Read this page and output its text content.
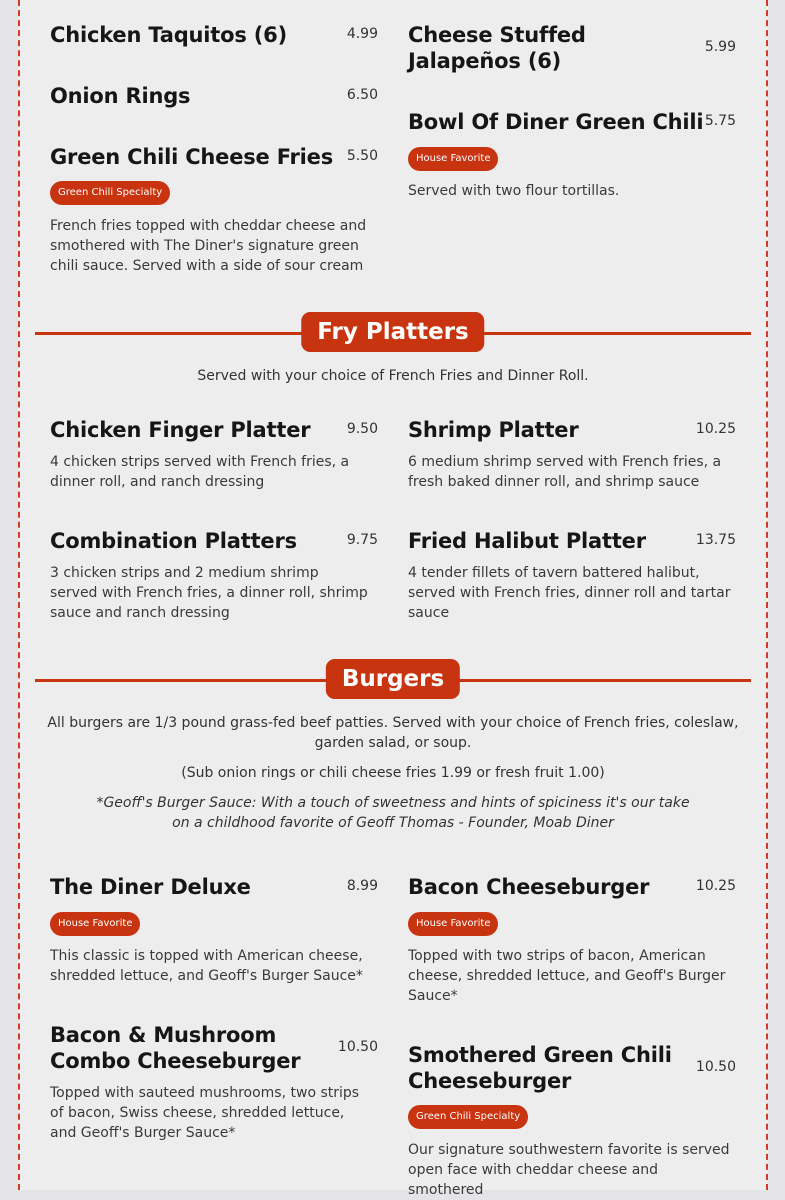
Chicken Taquitos (6)	4.99
Onion Rings	6.50
Green Chili Cheese Fries 5.50
Green Chili Specialty
French fries topped with cheddar cheese and smothered with The Diner's signature green chili sauce. Served with a side of sour cream
Cheese Stuffed Jalapeños (6)
5.99
Bowl Of Diner Green Chili 5.75
House Favorite
Served with two flour tortillas.
Fry Platters
Served with your choice of French Fries and Dinner Roll.
Chicken Finger Platter	9.50
4 chicken strips served with French fries, a dinner roll, and ranch dressing
Shrimp Platter	10.25
6 medium shrimp served with French fries, a fresh baked dinner roll, and shrimp sauce
Combination Platters	9.75
3 chicken strips and 2 medium shrimp served with French fries, a dinner roll, shrimp sauce and ranch dressing
Fried Halibut Platter	13.75
4 tender fillets of tavern battered halibut, served with French fries, dinner roll and tartar sauce
Burgers
All burgers are 1/3 pound grass-fed beef patties. Served with your choice of French fries, coleslaw, garden salad, or soup.
(Sub onion rings or chili cheese fries 1.99 or fresh fruit 1.00)
*Geoff's Burger Sauce: With a touch of sweetness and hints of spiciness it's our take on a childhood favorite of Geoff Thomas - Founder, Moab Diner
The Diner Deluxe	8.99
House Favorite
This classic is topped with American cheese, shredded lettuce, and Geoff's Burger Sauce*
Bacon Cheeseburger	10.25
House Favorite
Topped with two strips of bacon, American cheese, shredded lettuce, and Geoff's Burger Sauce*
Bacon & Mushroom Combo Cheeseburger
10.50
Topped with sauteed mushrooms, two strips of bacon, Swiss cheese, shredded lettuce, and Geoff's Burger Sauce*
Smothered Green Chili Cheeseburger
10.50
Green Chili Specialty
Our signature southwestern favorite is served open face with cheddar cheese and smothered
